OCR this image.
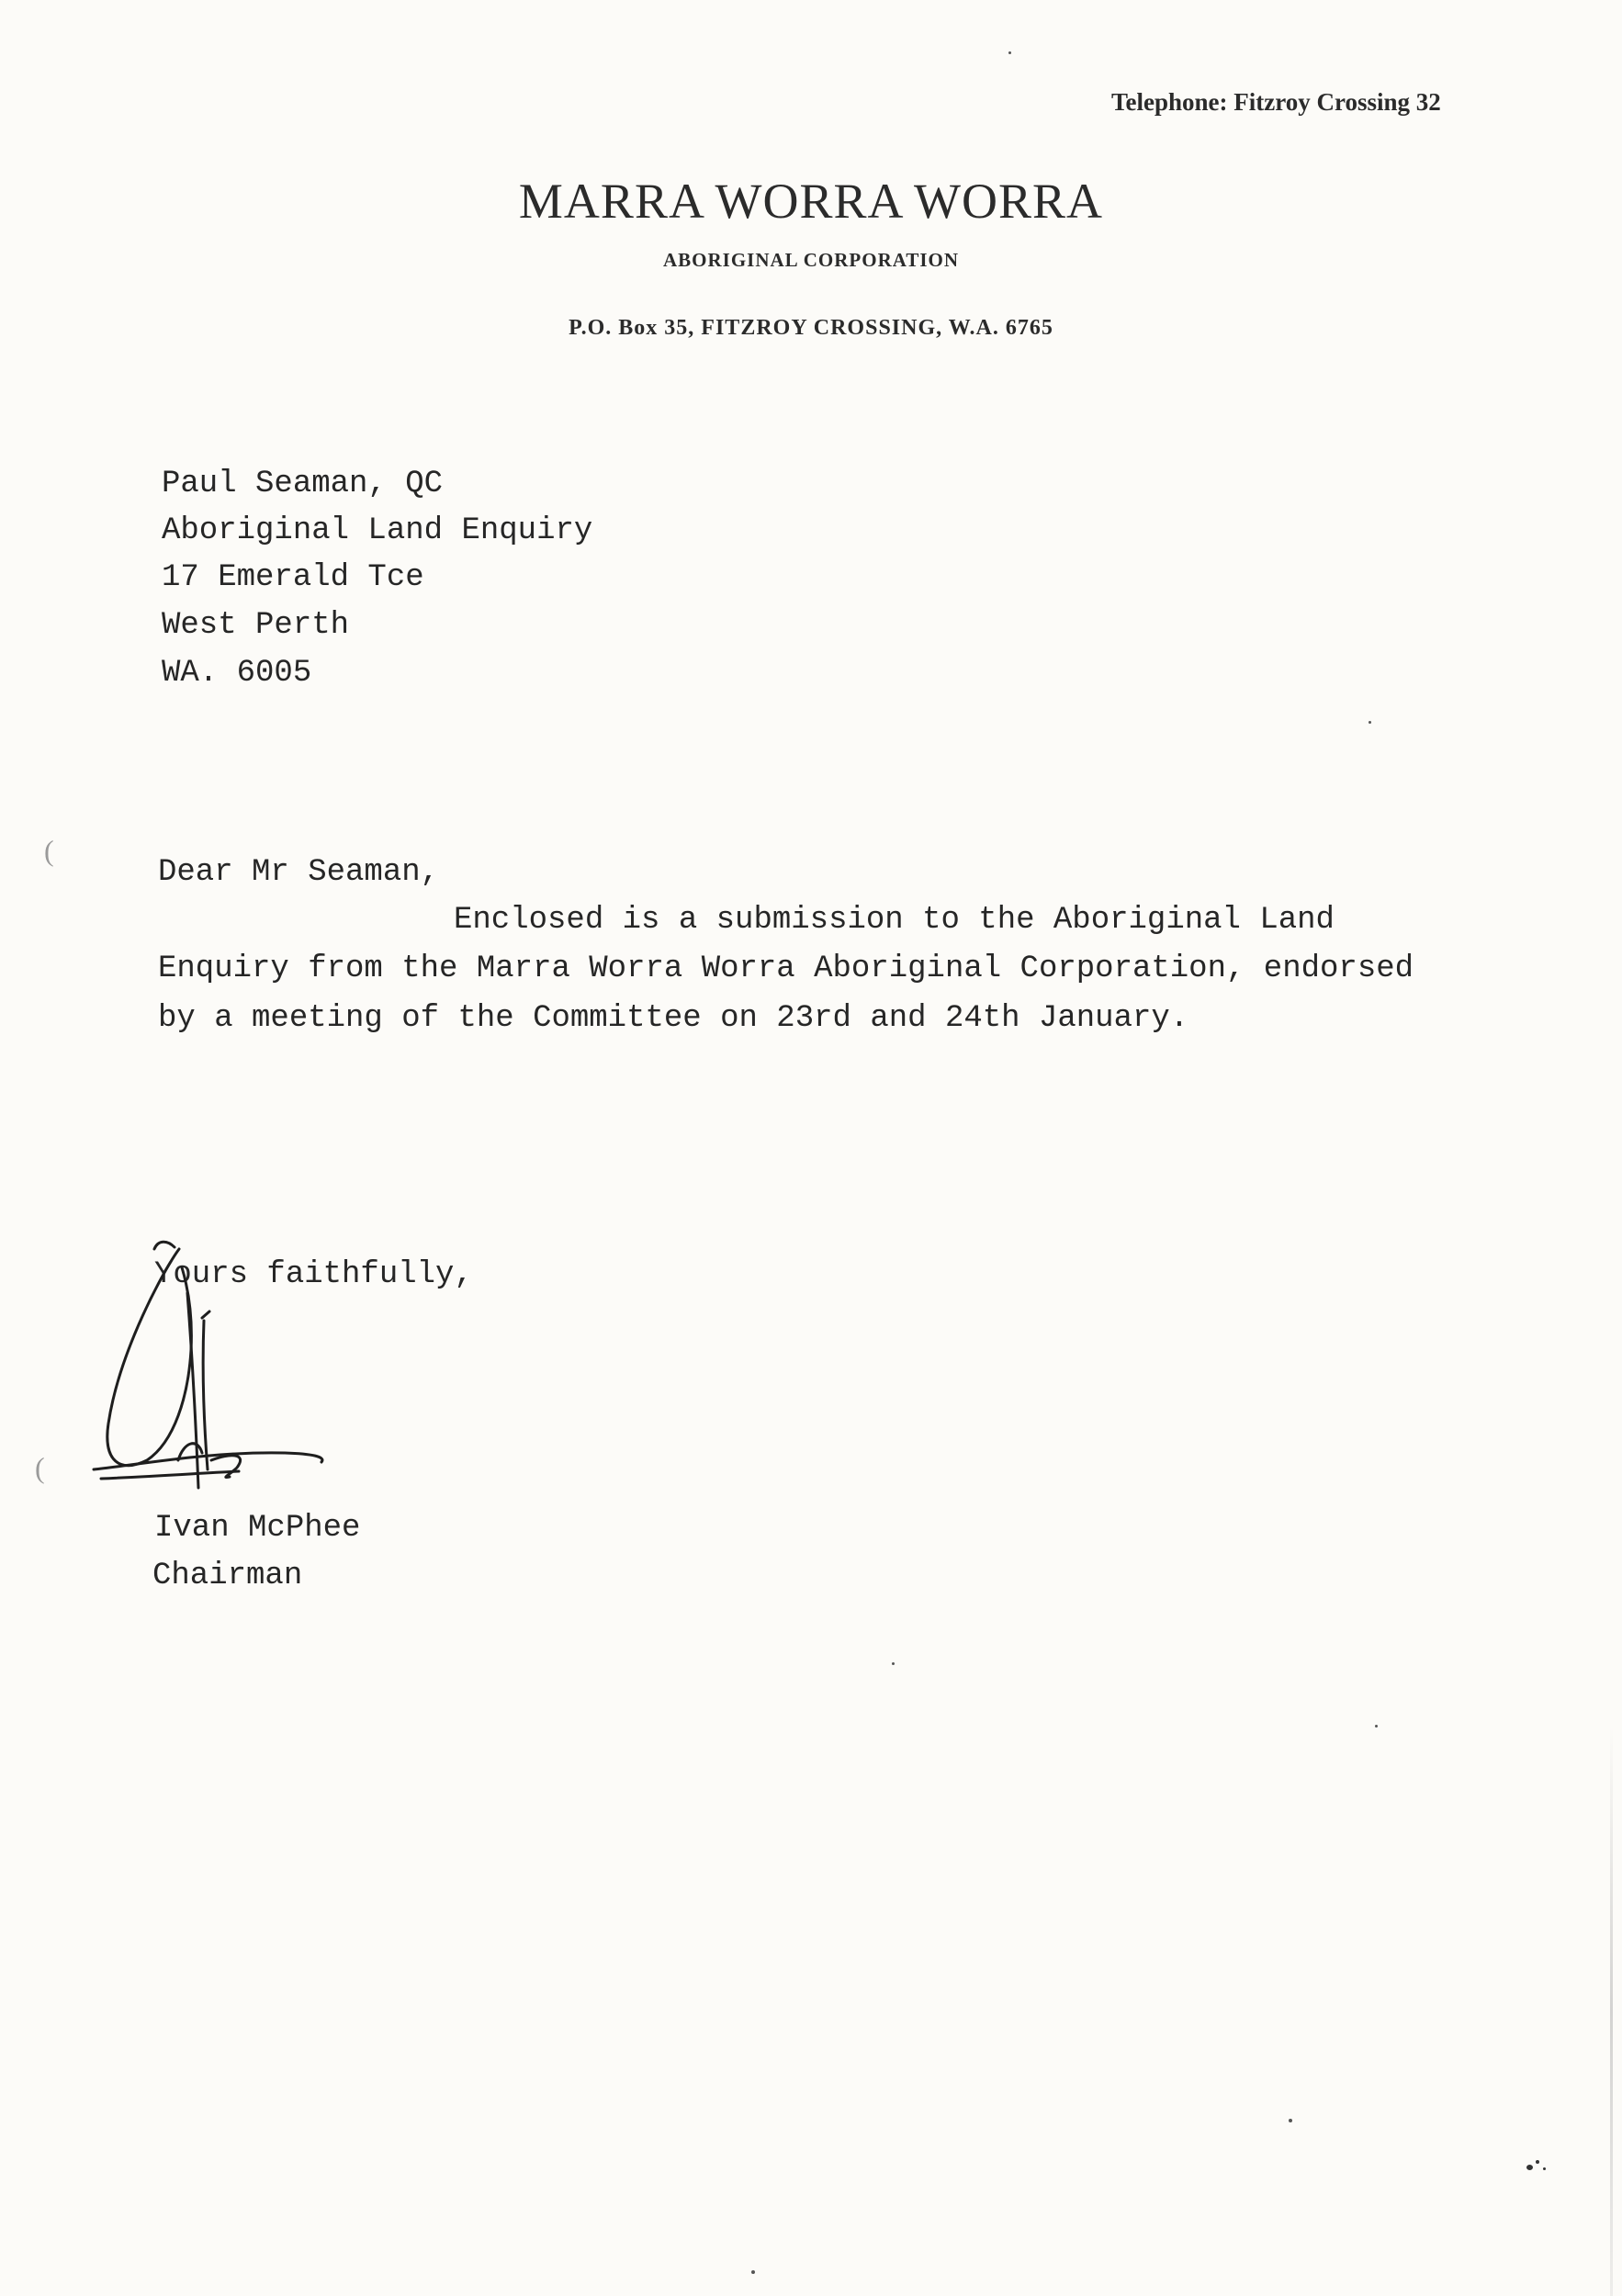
Telephone: Fitzroy Crossing 32
MARRA WORRA WORRA
ABORIGINAL CORPORATION
P.O. Box 35, FITZROY CROSSING, W.A. 6765
Paul Seaman, QC
Aboriginal Land Enquiry
17 Emerald Tce
West Perth
WA. 6005
Dear Mr Seaman,
Enclosed is a submission to the Aboriginal Land
Enquiry from the Marra Worra Worra Aboriginal Corporation, endorsed
by a meeting of the Committee on 23rd and 24th January.
Yours faithfully,
Ivan McPhee
Chairman
(
(
